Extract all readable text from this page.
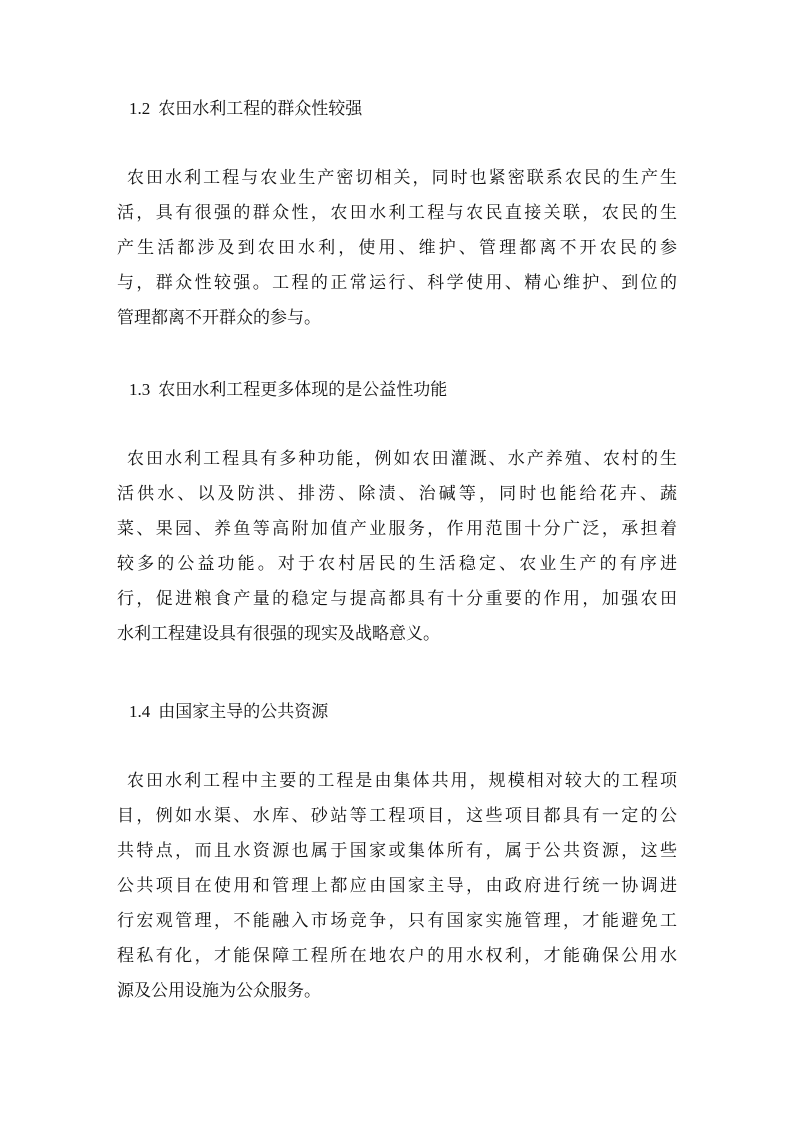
1.2 农田水利工程的群众性较强

农田水利工程与农业生产密切相关，同时也紧密联系农民的生产生
活，具有很强的群众性，农田水利工程与农民直接关联，农民的生
产生活都涉及到农田水利，使用、维护、管理都离不开农民的参
与，群众性较强。工程的正常运行、科学使用、精心维护、到位的
管理都离不开群众的参与。

1.3 农田水利工程更多体现的是公益性功能

农田水利工程具有多种功能，例如农田灌溉、水产养殖、农村的生
活供水、以及防洪、排涝、除渍、治碱等，同时也能给花卉、蔬
菜、果园、养鱼等高附加值产业服务，作用范围十分广泛，承担着
较多的公益功能。对于农村居民的生活稳定、农业生产的有序进
行，促进粮食产量的稳定与提高都具有十分重要的作用，加强农田
水利工程建设具有很强的现实及战略意义。

1.4 由国家主导的公共资源

农田水利工程中主要的工程是由集体共用，规模相对较大的工程项
目，例如水渠、水库、砂站等工程项目，这些项目都具有一定的公
共特点，而且水资源也属于国家或集体所有，属于公共资源，这些
公共项目在使用和管理上都应由国家主导，由政府进行统一协调进
行宏观管理，不能融入市场竞争，只有国家实施管理，才能避免工
程私有化，才能保障工程所在地农户的用水权利，才能确保公用水
源及公用设施为公众服务。
